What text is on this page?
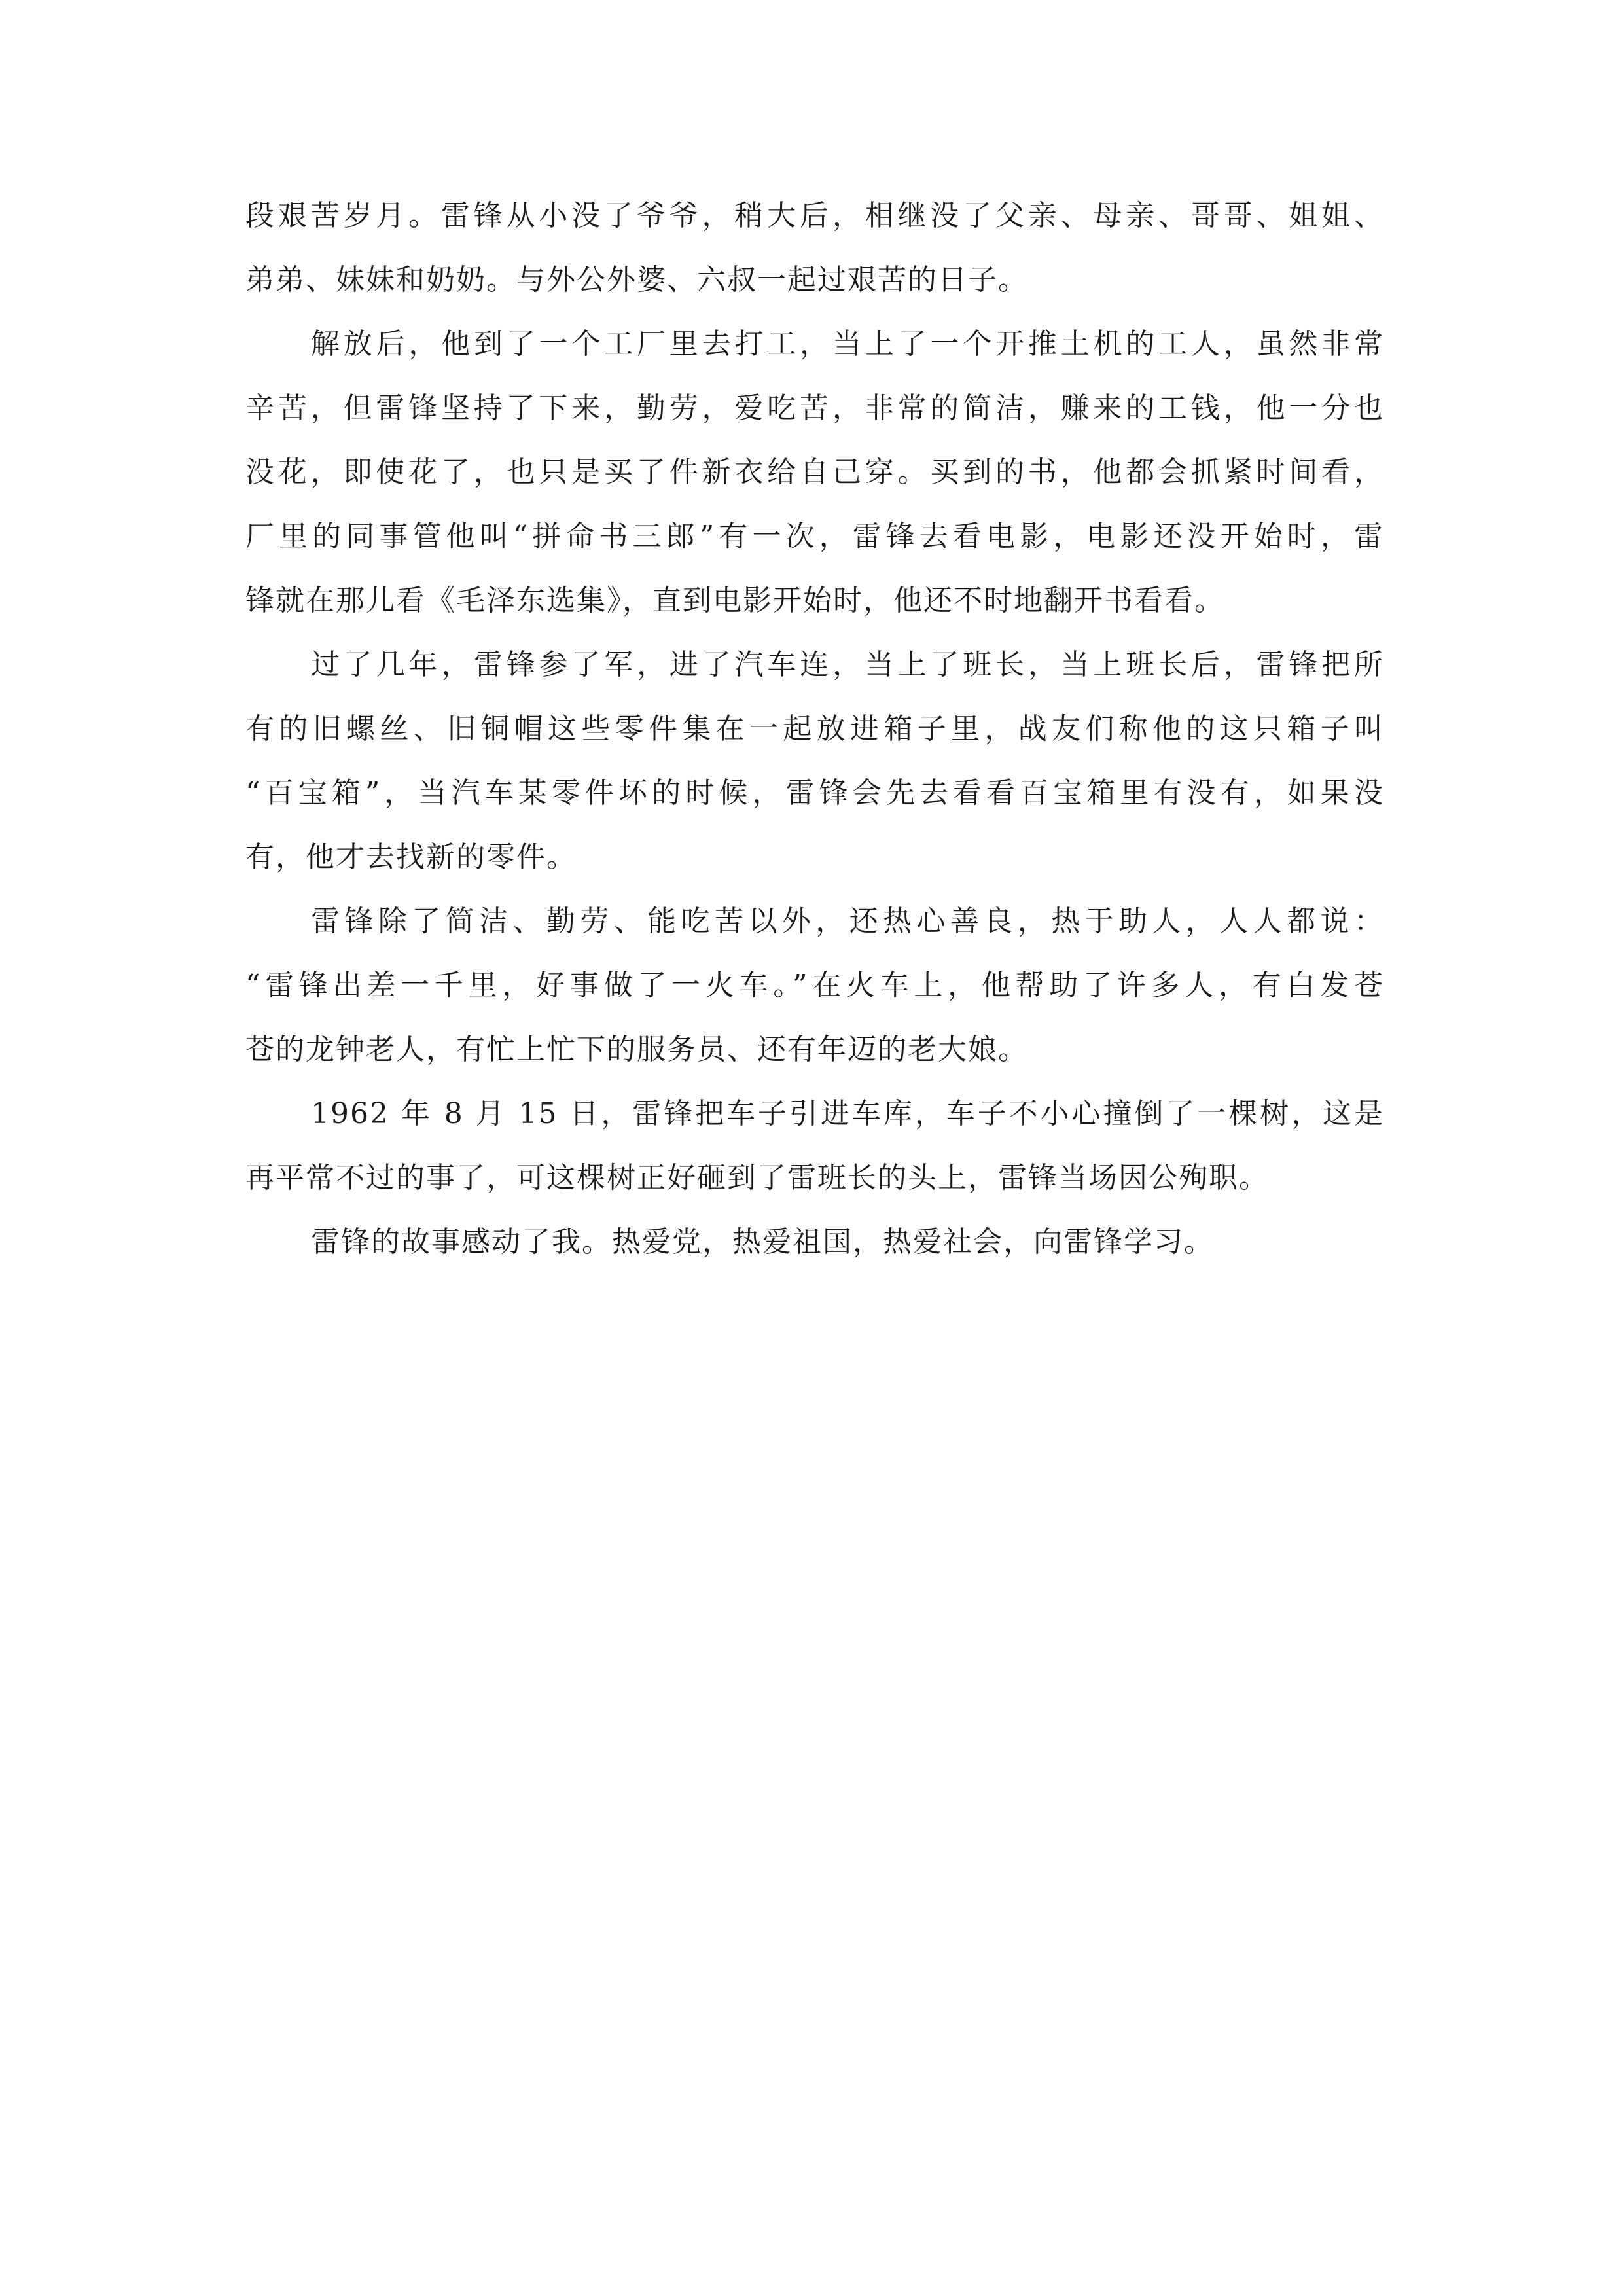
段艰苦岁月。雷锋从小没了爷爷，稍大后，相继没了父亲、母亲、哥哥、姐姐、
弟弟、妹妹和奶奶。与外公外婆、六叔一起过艰苦的日子。
解放后，他到了一个工厂里去打工，当上了一个开推土机的工人，虽然非常
辛苦，但雷锋坚持了下来，勤劳，爱吃苦，非常的简洁，赚来的工钱，他一分也
没花，即使花了，也只是买了件新衣给自己穿。买到的书，他都会抓紧时间看，
厂里的同事管他叫“拼命书三郎”有一次，雷锋去看电影，电影还没开始时，雷
锋就在那儿看《毛泽东选集》，直到电影开始时，他还不时地翻开书看看。
过了几年，雷锋参了军，进了汽车连，当上了班长，当上班长后，雷锋把所
有的旧螺丝、旧铜帽这些零件集在一起放进箱子里，战友们称他的这只箱子叫
“百宝箱”，当汽车某零件坏的时候，雷锋会先去看看百宝箱里有没有，如果没
有，他才去找新的零件。
雷锋除了简洁、勤劳、能吃苦以外，还热心善良，热于助人，人人都说：
“雷锋出差一千里，好事做了一火车。”在火车上，他帮助了许多人，有白发苍
苍的龙钟老人，有忙上忙下的服务员、还有年迈的老大娘。
1962 年 8 月 15 日，雷锋把车子引进车库，车子不小心撞倒了一棵树，这是
再平常不过的事了，可这棵树正好砸到了雷班长的头上，雷锋当场因公殉职。
雷锋的故事感动了我。热爱党，热爱祖国，热爱社会，向雷锋学习。
